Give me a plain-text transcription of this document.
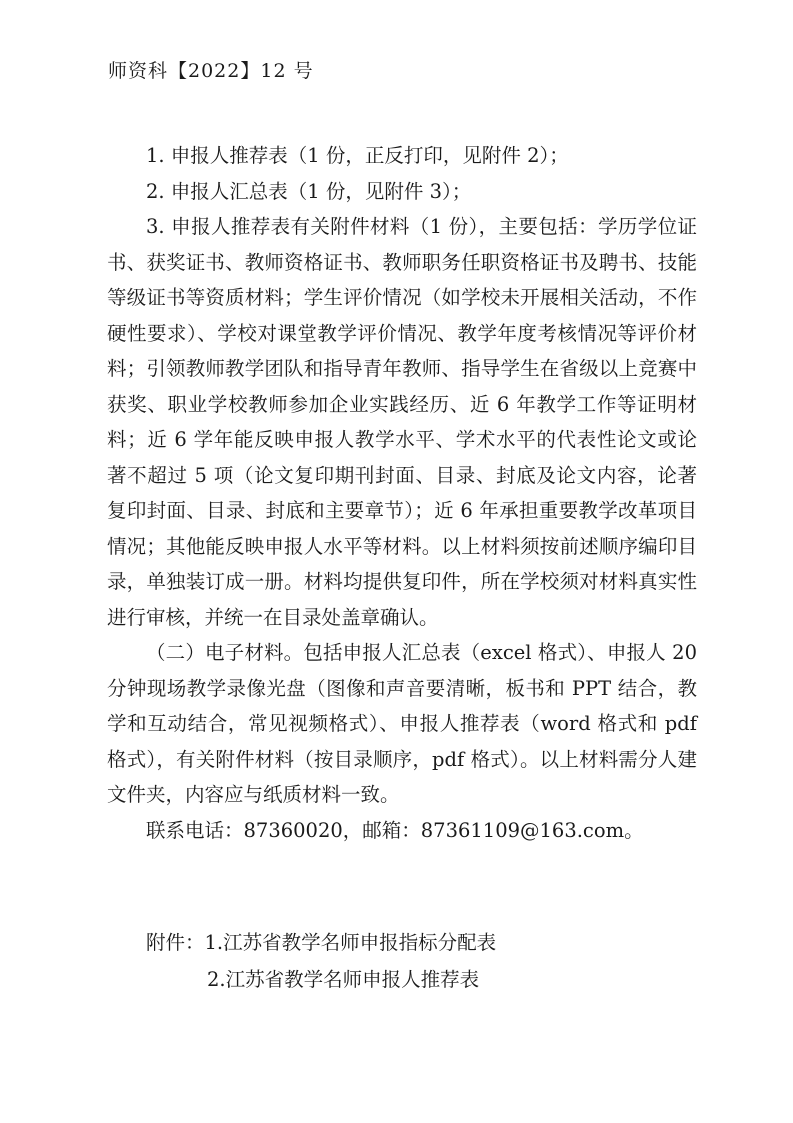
师资科【2022】12 号

1. 申报人推荐表（1 份，正反打印，见附件 2）；

2. 申报人汇总表（1 份，见附件 3）；

3. 申报人推荐表有关附件材料（1 份），主要包括：学历学位证书、获奖证书、教师资格证书、教师职务任职资格证书及聘书、技能等级证书等资质材料；学生评价情况（如学校未开展相关活动，不作硬性要求）、学校对课堂教学评价情况、教学年度考核情况等评价材料；引领教师教学团队和指导青年教师、指导学生在省级以上竞赛中获奖、职业学校教师参加企业实践经历、近 6 年教学工作等证明材料；近 6 学年能反映申报人教学水平、学术水平的代表性论文或论著不超过 5 项（论文复印期刊封面、目录、封底及论文内容，论著复印封面、目录、封底和主要章节）；近 6 年承担重要教学改革项目情况；其他能反映申报人水平等材料。以上材料须按前述顺序编印目录，单独装订成一册。材料均提供复印件，所在学校须对材料真实性进行审核，并统一在目录处盖章确认。

（二）电子材料。包括申报人汇总表（excel 格式）、申报人 20 分钟现场教学录像光盘（图像和声音要清晰，板书和 PPT 结合，教学和互动结合，常见视频格式）、申报人推荐表（word 格式和 pdf 格式），有关附件材料（按目录顺序，pdf 格式）。以上材料需分人建文件夹，内容应与纸质材料一致。

联系电话：87360020，邮箱：87361109@163.com。

附件：1.江苏省教学名师申报指标分配表
2.江苏省教学名师申报人推荐表
